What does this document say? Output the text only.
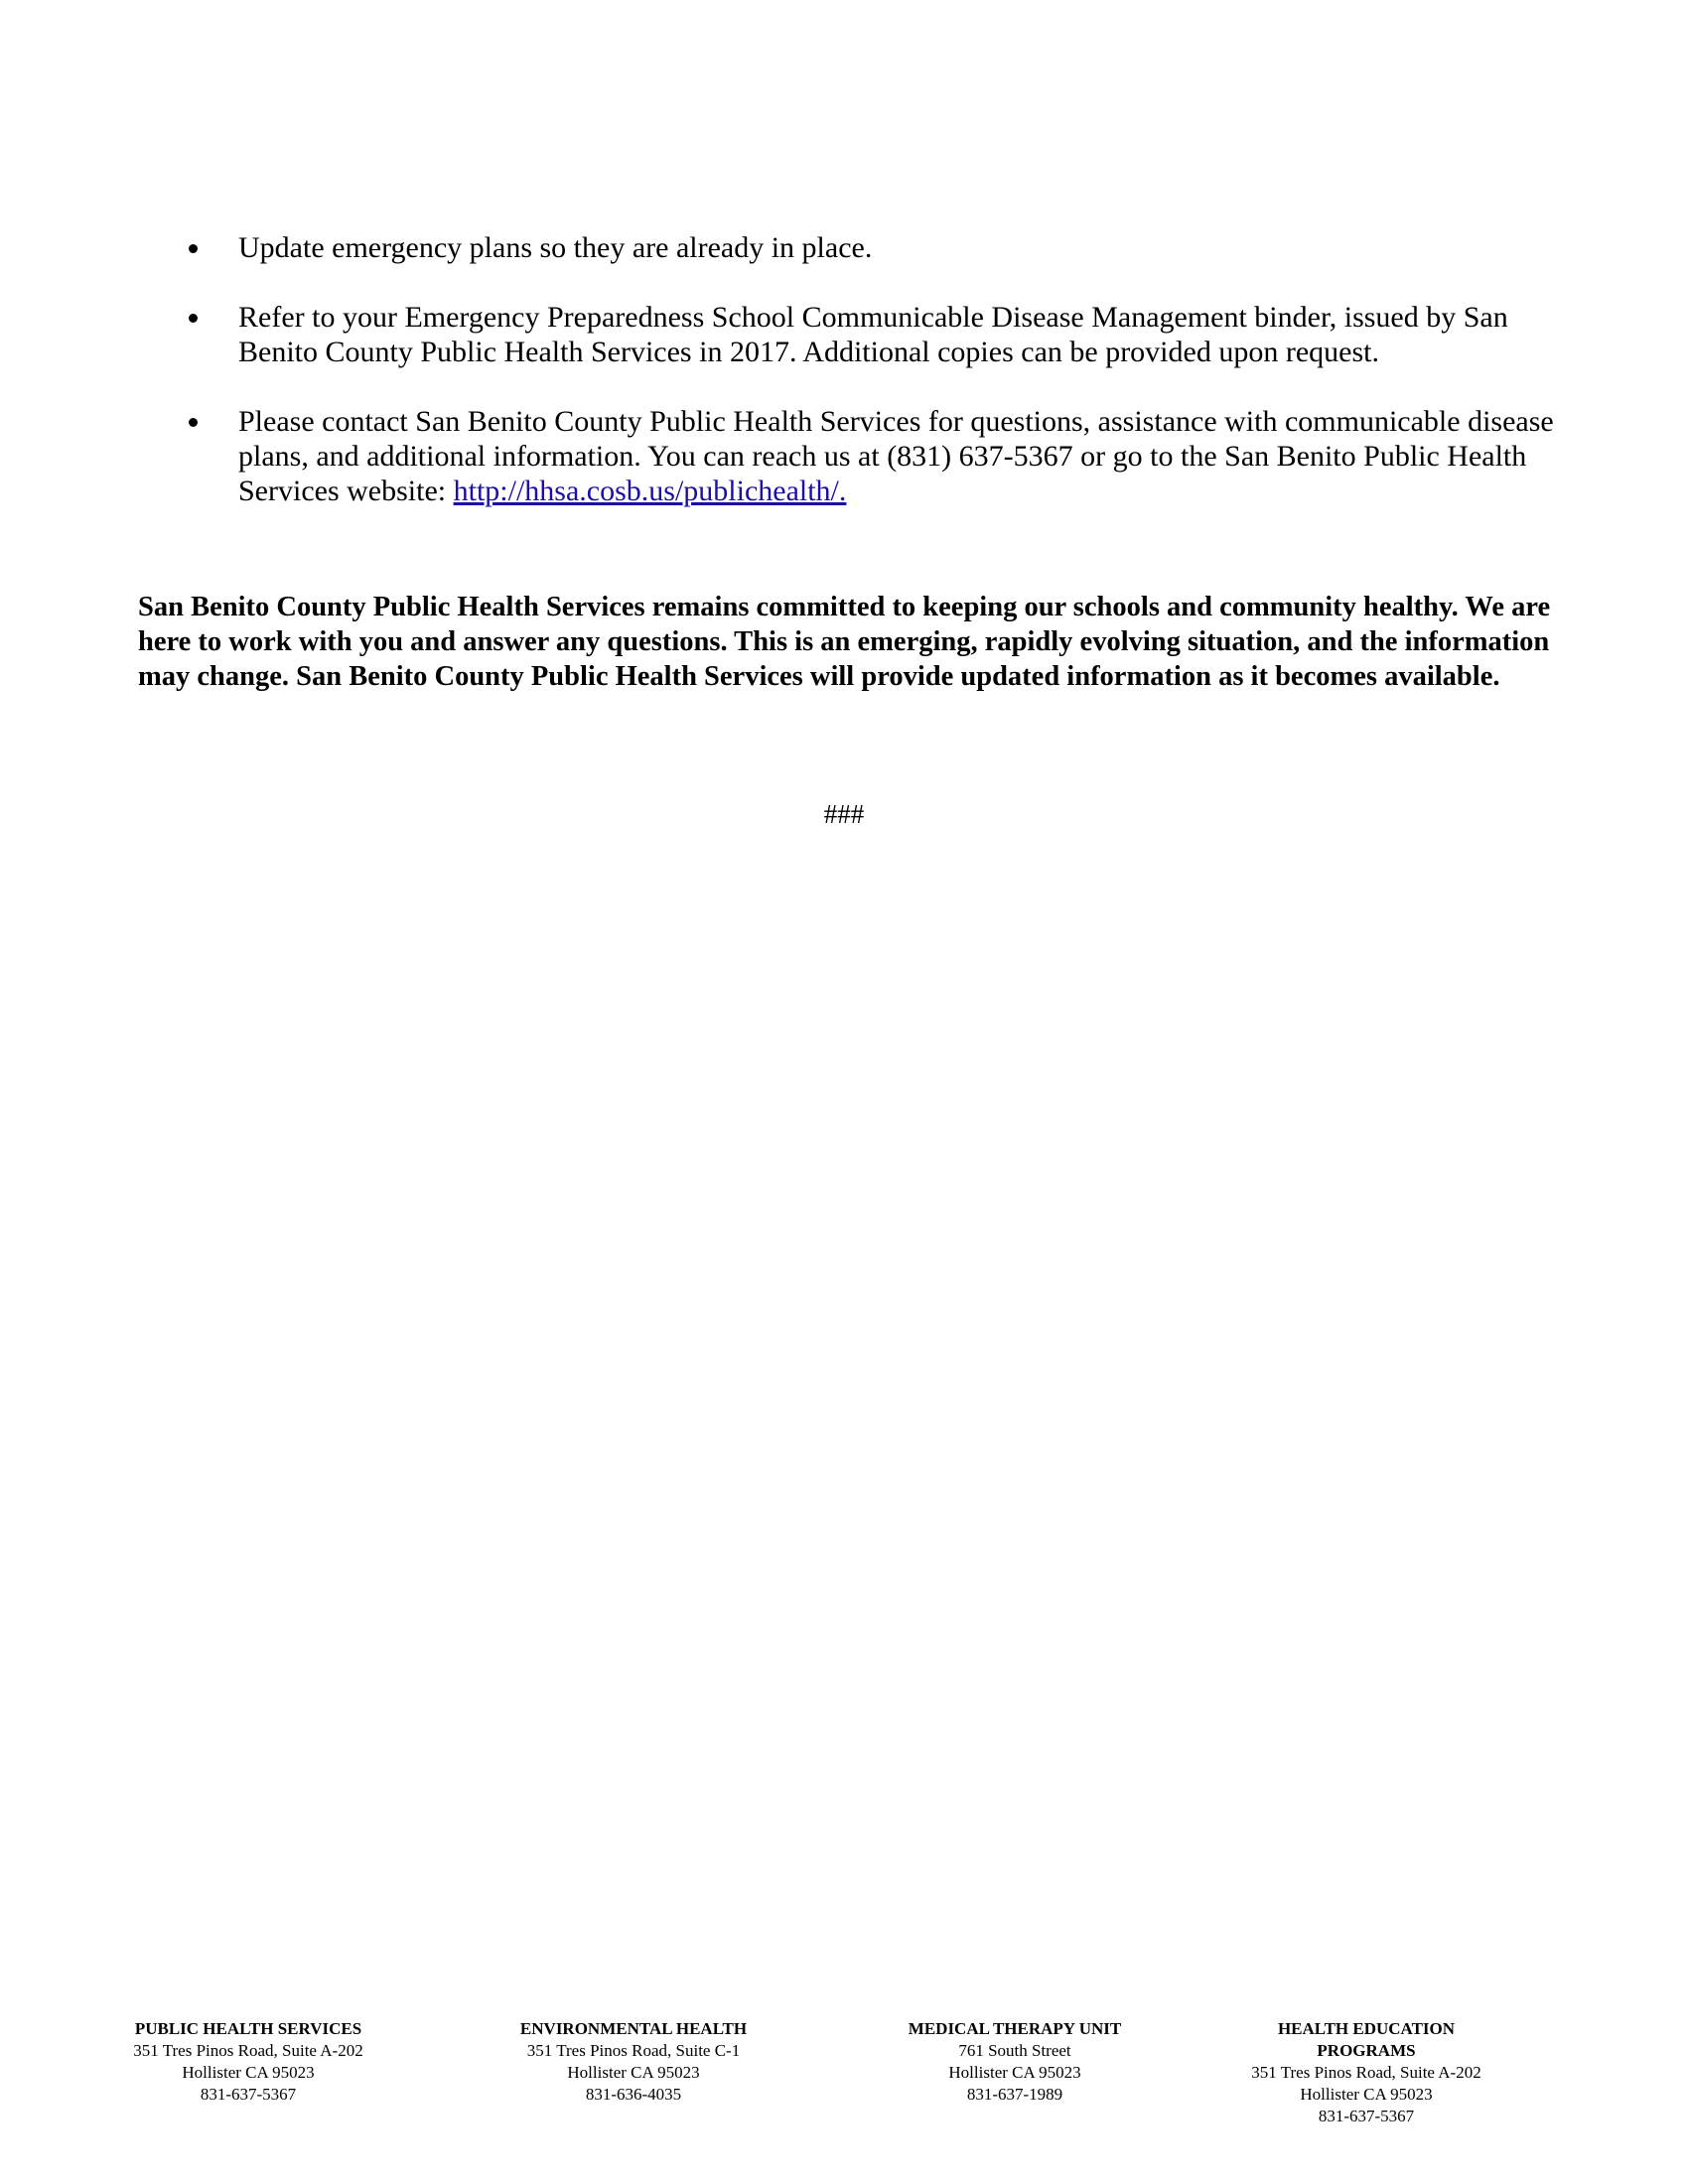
Update emergency plans so they are already in place.
Refer to your Emergency Preparedness School Communicable Disease Management binder, issued by San Benito County Public Health Services in 2017. Additional copies can be provided upon request.
Please contact San Benito County Public Health Services for questions, assistance with communicable disease plans, and additional information. You can reach us at (831) 637-5367 or go to the San Benito Public Health Services website: http://hhsa.cosb.us/publichealth/.

San Benito County Public Health Services remains committed to keeping our schools and community healthy. We are here to work with you and answer any questions. This is an emerging, rapidly evolving situation, and the information may change. San Benito County Public Health Services will provide updated information as it becomes available.

###
PUBLIC HEALTH SERVICES
351 Tres Pinos Road, Suite A-202
Hollister CA 95023
831-637-5367
ENVIRONMENTAL HEALTH
351 Tres Pinos Road, Suite C-1
Hollister CA 95023
831-636-4035
MEDICAL THERAPY UNIT
761 South Street
Hollister CA 95023
831-637-1989
HEALTH EDUCATION PROGRAMS
351 Tres Pinos Road, Suite A-202
Hollister CA 95023
831-637-5367
